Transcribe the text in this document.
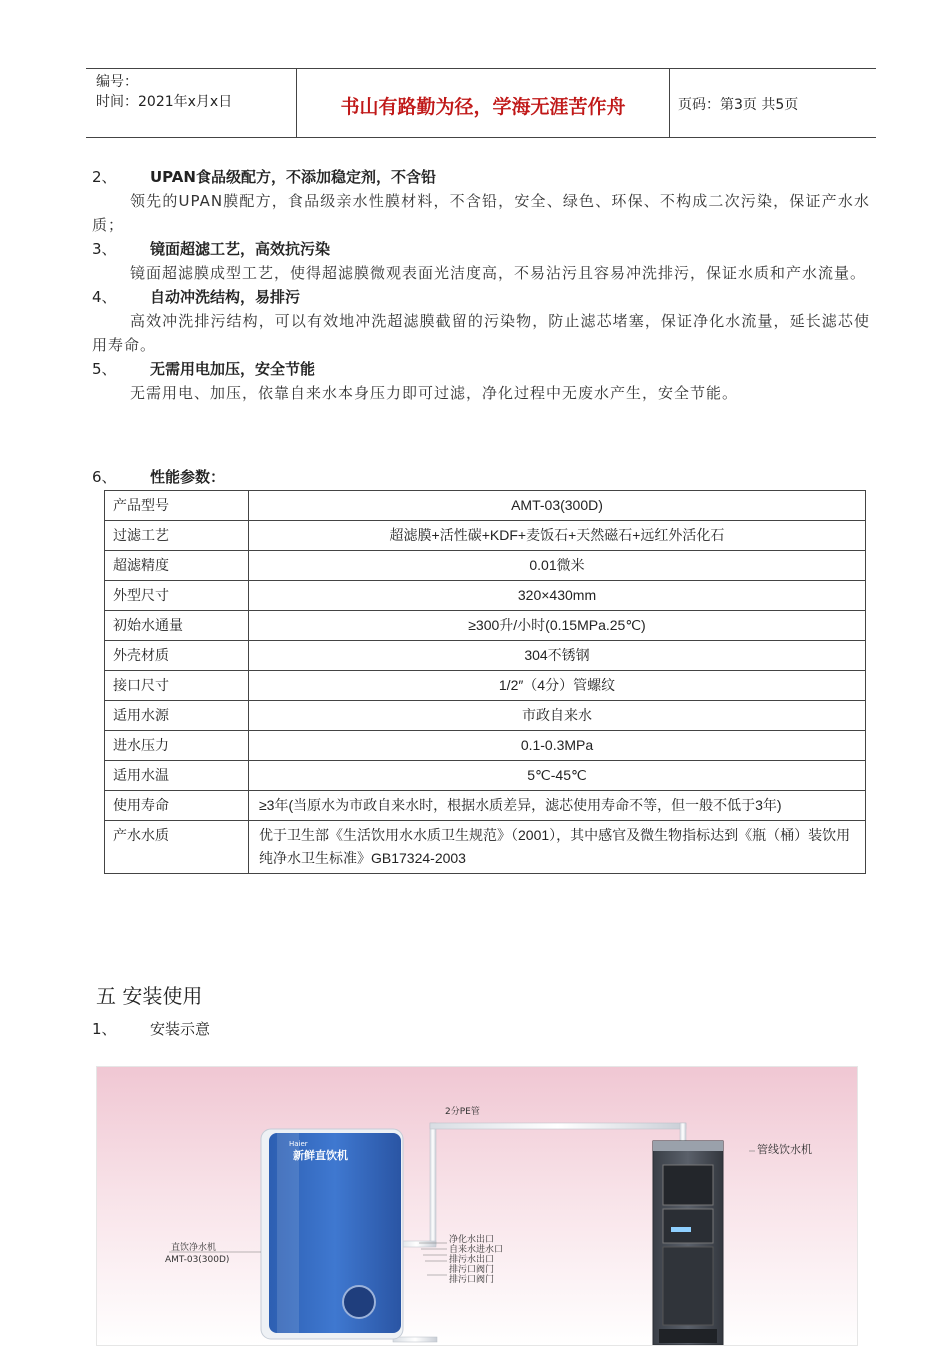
编号：
时间：2021年x月x日	书山有路勤为径，学海无涯苦作舟	页码：第3页 共5页
2、	UPAN食品级配方，不添加稳定剂，不含铅
领先的UPAN膜配方，食品级亲水性膜材料，不含铅，安全、绿色、环保、不构成二次污染，保证产水水质；
3、	镜面超滤工艺，高效抗污染
镜面超滤膜成型工艺，使得超滤膜微观表面光洁度高，不易沾污且容易冲洗排污，保证水质和产水流量。
4、	自动冲洗结构，易排污
高效冲洗排污结构，可以有效地冲洗超滤膜截留的污染物，防止滤芯堵塞，保证净化水流量，延长滤芯使用寿命。
5、	无需用电加压，安全节能
无需用电、加压，依靠自来水本身压力即可过滤，净化过程中无废水产生，安全节能。
6、	性能参数：
产品型号	AMT-03(300D)
过滤工艺	超滤膜+活性碳+KDF+麦饭石+天然磁石+远红外活化石
超滤精度	0.01微米
外型尺寸	320×430mm
初始水通量	≥300升/小时(0.15MPa.25℃)
外壳材质	304不锈钢
接口尺寸	1/2″（4分）管螺纹
适用水源	市政自来水
进水压力	0.1-0.3MPa
适用水温	5℃-45℃
使用寿命	≥3年(当原水为市政自来水时，根据水质差异，滤芯使用寿命不等，但一般不低于3年)
产水水质	优于卫生部《生活饮用水水质卫生规范》（2001），其中感官及微生物指标达到《瓶（桶）装饮用纯净水卫生标准》GB17324-2003
五 安装使用
1、	安装示意
2分PE管
管线饮水机
直饮净水机
AMT-03(300D)
Haier
新鲜直饮机
净化水出口
自来水进水口
排污水出口
排污口阀门
排污口阀门
